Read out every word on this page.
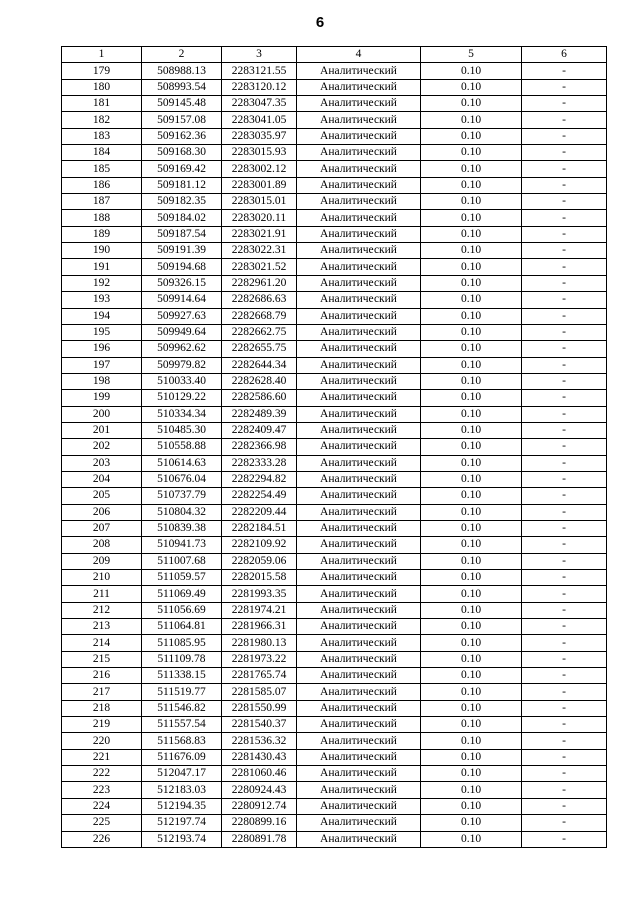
6
1	2	3	4	5	6
179	508988.13	2283121.55	Аналитический	0.10	-
180	508993.54	2283120.12	Аналитический	0.10	-
181	509145.48	2283047.35	Аналитический	0.10	-
182	509157.08	2283041.05	Аналитический	0.10	-
183	509162.36	2283035.97	Аналитический	0.10	-
184	509168.30	2283015.93	Аналитический	0.10	-
185	509169.42	2283002.12	Аналитический	0.10	-
186	509181.12	2283001.89	Аналитический	0.10	-
187	509182.35	2283015.01	Аналитический	0.10	-
188	509184.02	2283020.11	Аналитический	0.10	-
189	509187.54	2283021.91	Аналитический	0.10	-
190	509191.39	2283022.31	Аналитический	0.10	-
191	509194.68	2283021.52	Аналитический	0.10	-
192	509326.15	2282961.20	Аналитический	0.10	-
193	509914.64	2282686.63	Аналитический	0.10	-
194	509927.63	2282668.79	Аналитический	0.10	-
195	509949.64	2282662.75	Аналитический	0.10	-
196	509962.62	2282655.75	Аналитический	0.10	-
197	509979.82	2282644.34	Аналитический	0.10	-
198	510033.40	2282628.40	Аналитический	0.10	-
199	510129.22	2282586.60	Аналитический	0.10	-
200	510334.34	2282489.39	Аналитический	0.10	-
201	510485.30	2282409.47	Аналитический	0.10	-
202	510558.88	2282366.98	Аналитический	0.10	-
203	510614.63	2282333.28	Аналитический	0.10	-
204	510676.04	2282294.82	Аналитический	0.10	-
205	510737.79	2282254.49	Аналитический	0.10	-
206	510804.32	2282209.44	Аналитический	0.10	-
207	510839.38	2282184.51	Аналитический	0.10	-
208	510941.73	2282109.92	Аналитический	0.10	-
209	511007.68	2282059.06	Аналитический	0.10	-
210	511059.57	2282015.58	Аналитический	0.10	-
211	511069.49	2281993.35	Аналитический	0.10	-
212	511056.69	2281974.21	Аналитический	0.10	-
213	511064.81	2281966.31	Аналитический	0.10	-
214	511085.95	2281980.13	Аналитический	0.10	-
215	511109.78	2281973.22	Аналитический	0.10	-
216	511338.15	2281765.74	Аналитический	0.10	-
217	511519.77	2281585.07	Аналитический	0.10	-
218	511546.82	2281550.99	Аналитический	0.10	-
219	511557.54	2281540.37	Аналитический	0.10	-
220	511568.83	2281536.32	Аналитический	0.10	-
221	511676.09	2281430.43	Аналитический	0.10	-
222	512047.17	2281060.46	Аналитический	0.10	-
223	512183.03	2280924.43	Аналитический	0.10	-
224	512194.35	2280912.74	Аналитический	0.10	-
225	512197.74	2280899.16	Аналитический	0.10	-
226	512193.74	2280891.78	Аналитический	0.10	-
